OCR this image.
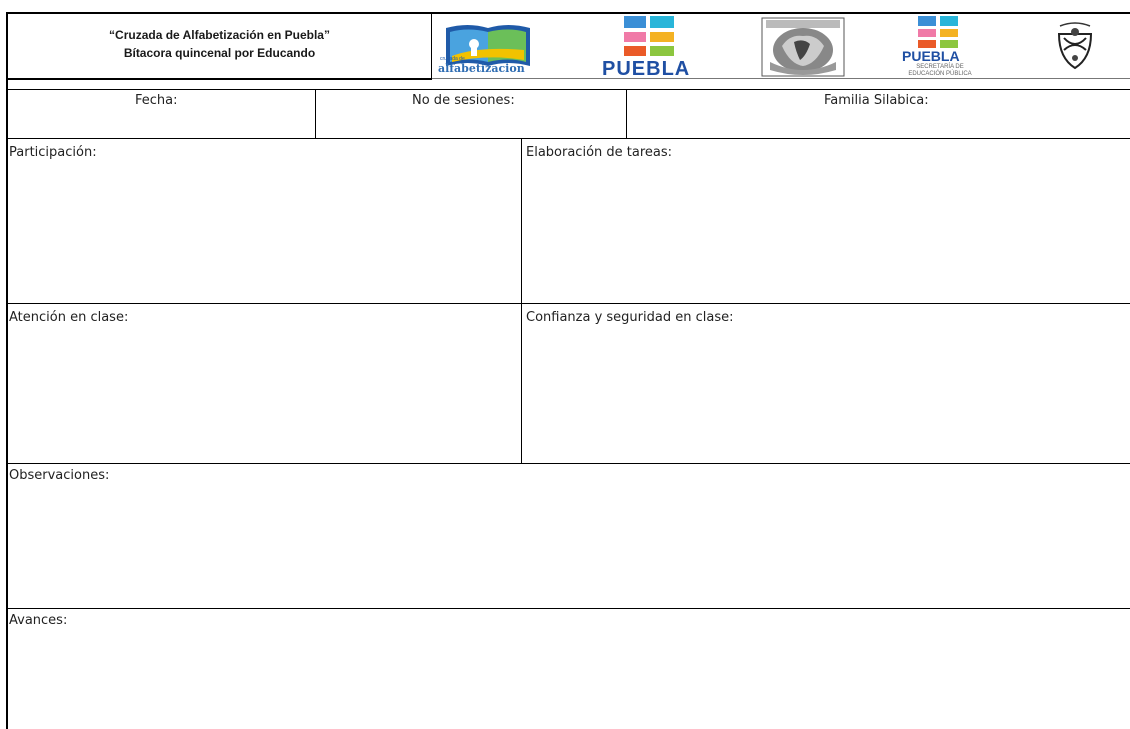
“Cruzada de Alfabetización en Puebla”
Bítacora quincenal por Educando	cruzada de
alfabetizacion	PUEBLA
PUEBLA
SECRETARÍA DE
EDUCACIÓN PÚBLICA
Fecha:	No de sesiones:	Familia Silabica:
Participación:	Elaboración de tareas:
Atención en clase:	Confianza y seguridad en clase:
Observaciones:
Avances:
